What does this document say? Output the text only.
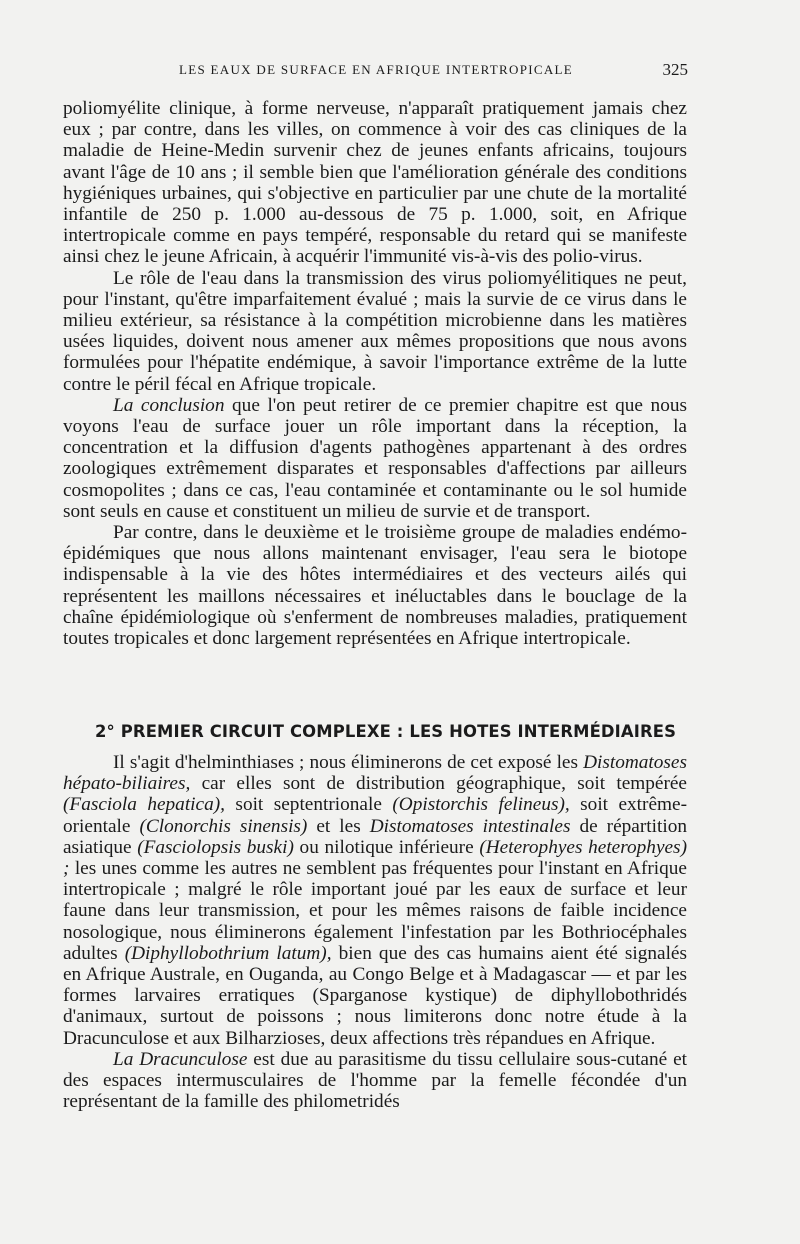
LES EAUX DE SURFACE EN AFRIQUE INTERTROPICALE	325

poliomyélite clinique, à forme nerveuse, n'apparaît pratiquement jamais chez eux ; par contre, dans les villes, on commence à voir des cas cliniques de la maladie de Heine-Medin survenir chez de jeunes enfants africains, toujours avant l'âge de 10 ans ; il semble bien que l'amélioration générale des conditions hygiéniques urbaines, qui s'objective en particulier par une chute de la mortalité infantile de 250 p. 1.000 au-dessous de 75 p. 1.000, soit, en Afrique intertropicale comme en pays tempéré, responsable du retard qui se manifeste ainsi chez le jeune Africain, à acquérir l'immunité vis-à-vis des polio-virus.

Le rôle de l'eau dans la transmission des virus poliomyélitiques ne peut, pour l'instant, qu'être imparfaitement évalué ; mais la survie de ce virus dans le milieu extérieur, sa résistance à la compétition microbienne dans les matières usées liquides, doivent nous amener aux mêmes propositions que nous avons formulées pour l'hépatite endémique, à savoir l'importance extrême de la lutte contre le péril fécal en Afrique tropicale.

La conclusion que l'on peut retirer de ce premier chapitre est que nous voyons l'eau de surface jouer un rôle important dans la réception, la concentration et la diffusion d'agents pathogènes appartenant à des ordres zoologiques extrêmement disparates et responsables d'affections par ailleurs cosmopolites ; dans ce cas, l'eau contaminée et contaminante ou le sol humide sont seuls en cause et constituent un milieu de survie et de transport.

Par contre, dans le deuxième et le troisième groupe de maladies endémo-épidémiques que nous allons maintenant envisager, l'eau sera le biotope indispensable à la vie des hôtes intermédiaires et des vecteurs ailés qui représentent les maillons nécessaires et inéluctables dans le bouclage de la chaîne épidémiologique où s'enferment de nombreuses maladies, pratiquement toutes tropicales et donc largement représentées en Afrique intertropicale.

2° PREMIER CIRCUIT COMPLEXE : LES HOTES INTERMÉDIAIRES

Il s'agit d'helminthiases ; nous éliminerons de cet exposé les Distomatoses hépato-biliaires, car elles sont de distribution géographique, soit tempérée (Fasciola hepatica), soit septentrionale (Opistorchis felineus), soit extrême-orientale (Clonorchis sinensis) et les Distomatoses intestinales de répartition asiatique (Fasciolopsis buski) ou nilotique inférieure (Heterophyes heterophyes) ; les unes comme les autres ne semblent pas fréquentes pour l'instant en Afrique intertropicale ; malgré le rôle important joué par les eaux de surface et leur faune dans leur transmission, et pour les mêmes raisons de faible incidence nosologique, nous éliminerons également l'infestation par les Bothriocéphales adultes (Diphyllobothrium latum), bien que des cas humains aient été signalés en Afrique Australe, en Ouganda, au Congo Belge et à Madagascar — et par les formes larvaires erratiques (Sparganose kystique) de diphyllobothridés d'animaux, surtout de poissons ; nous limiterons donc notre étude à la Dracunculose et aux Bilharzioses, deux affections très répandues en Afrique.

La Dracunculose est due au parasitisme du tissu cellulaire sous-cutané et des espaces intermusculaires de l'homme par la femelle fécondée d'un représentant de la famille des philometridés
